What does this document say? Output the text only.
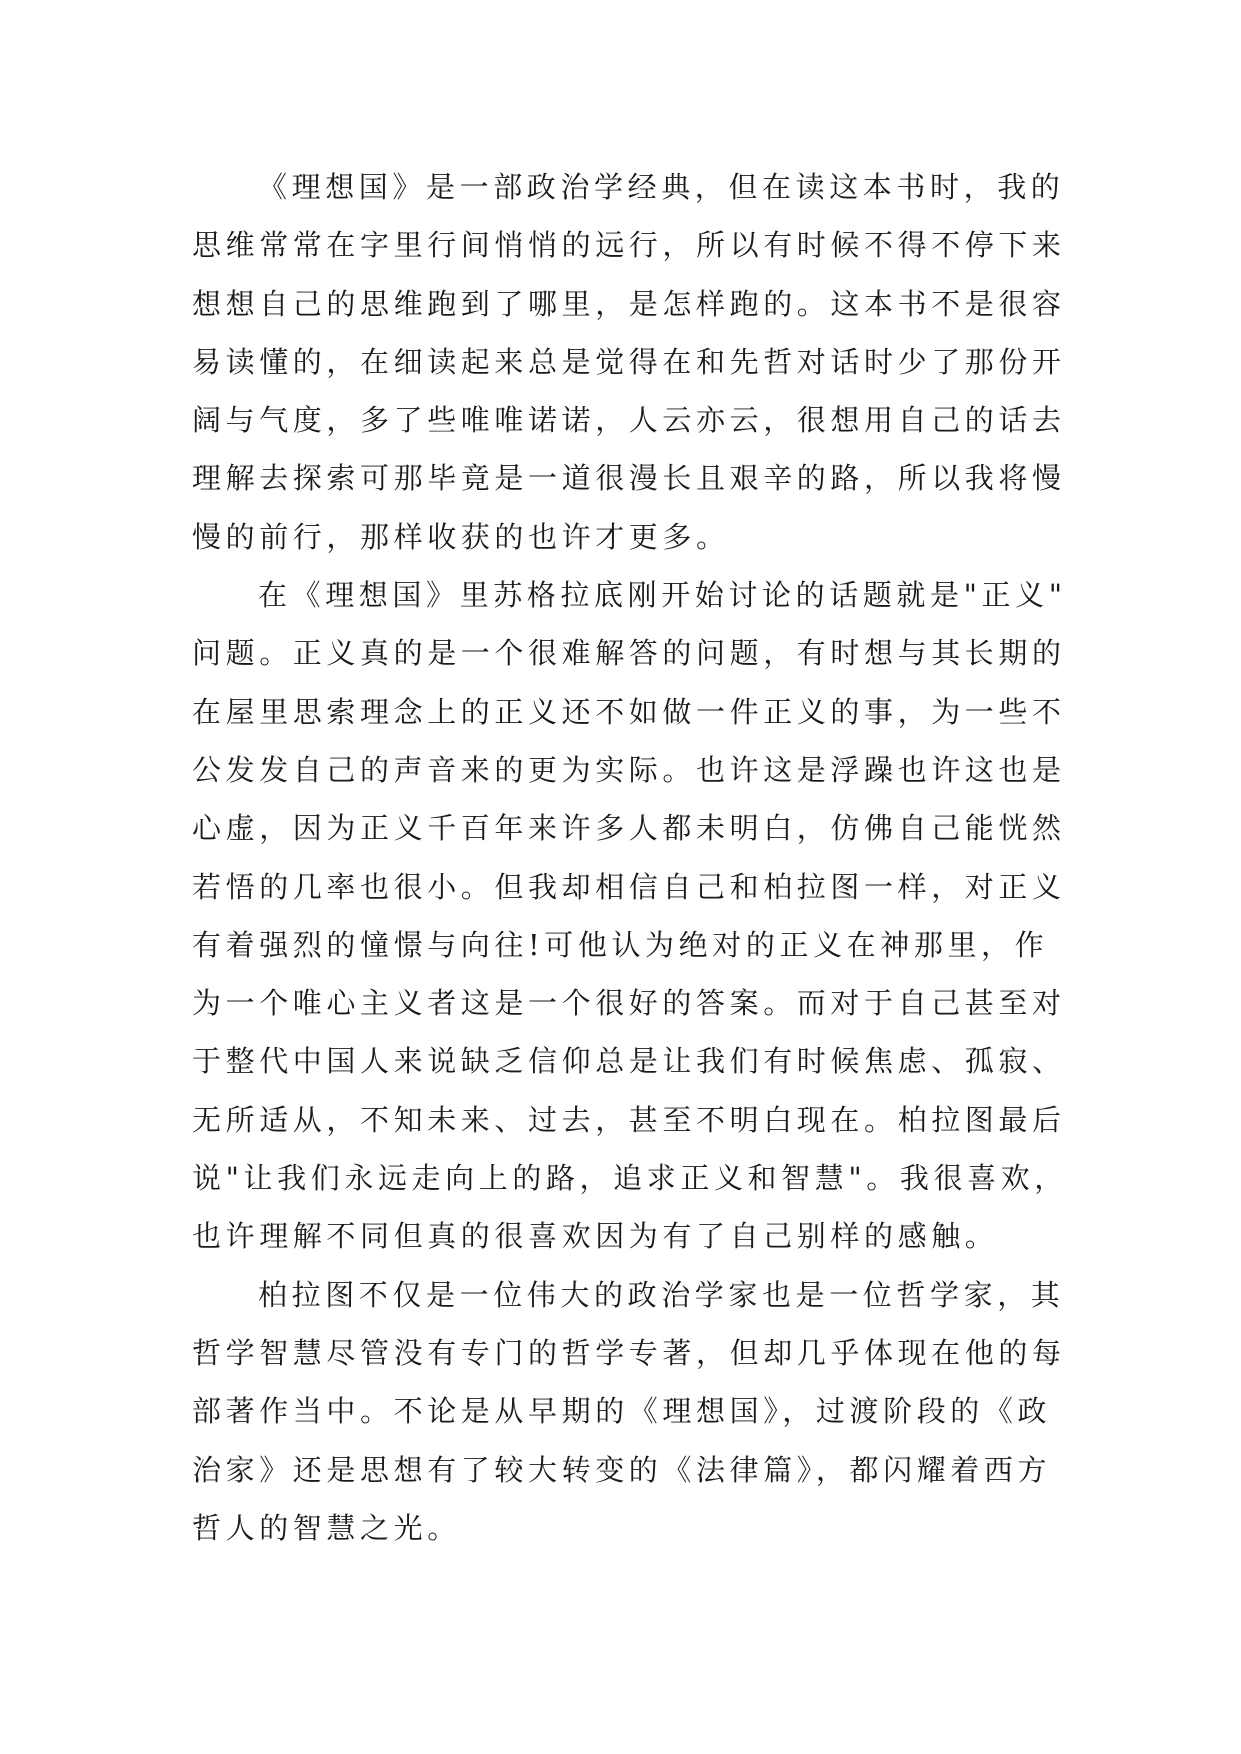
《理想国》是一部政治学经典，但在读这本书时，我的
思维常常在字里行间悄悄的远行，所以有时候不得不停下来
想想自己的思维跑到了哪里，是怎样跑的。这本书不是很容
易读懂的，在细读起来总是觉得在和先哲对话时少了那份开
阔与气度，多了些唯唯诺诺，人云亦云，很想用自己的话去
理解去探索可那毕竟是一道很漫长且艰辛的路，所以我将慢
慢的前行，那样收获的也许才更多。
在《理想国》里苏格拉底刚开始讨论的话题就是"正义"
问题。正义真的是一个很难解答的问题，有时想与其长期的
在屋里思索理念上的正义还不如做一件正义的事，为一些不
公发发自己的声音来的更为实际。也许这是浮躁也许这也是
心虚，因为正义千百年来许多人都未明白，仿佛自己能恍然
若悟的几率也很小。但我却相信自己和柏拉图一样，对正义
有着强烈的憧憬与向往!可他认为绝对的正义在神那里，作
为一个唯心主义者这是一个很好的答案。而对于自己甚至对
于整代中国人来说缺乏信仰总是让我们有时候焦虑、孤寂、
无所适从，不知未来、过去，甚至不明白现在。柏拉图最后
说"让我们永远走向上的路，追求正义和智慧"。我很喜欢，
也许理解不同但真的很喜欢因为有了自己别样的感触。
柏拉图不仅是一位伟大的政治学家也是一位哲学家，其
哲学智慧尽管没有专门的哲学专著，但却几乎体现在他的每
部著作当中。不论是从早期的《理想国》，过渡阶段的《政
治家》还是思想有了较大转变的《法律篇》，都闪耀着西方
哲人的智慧之光。
